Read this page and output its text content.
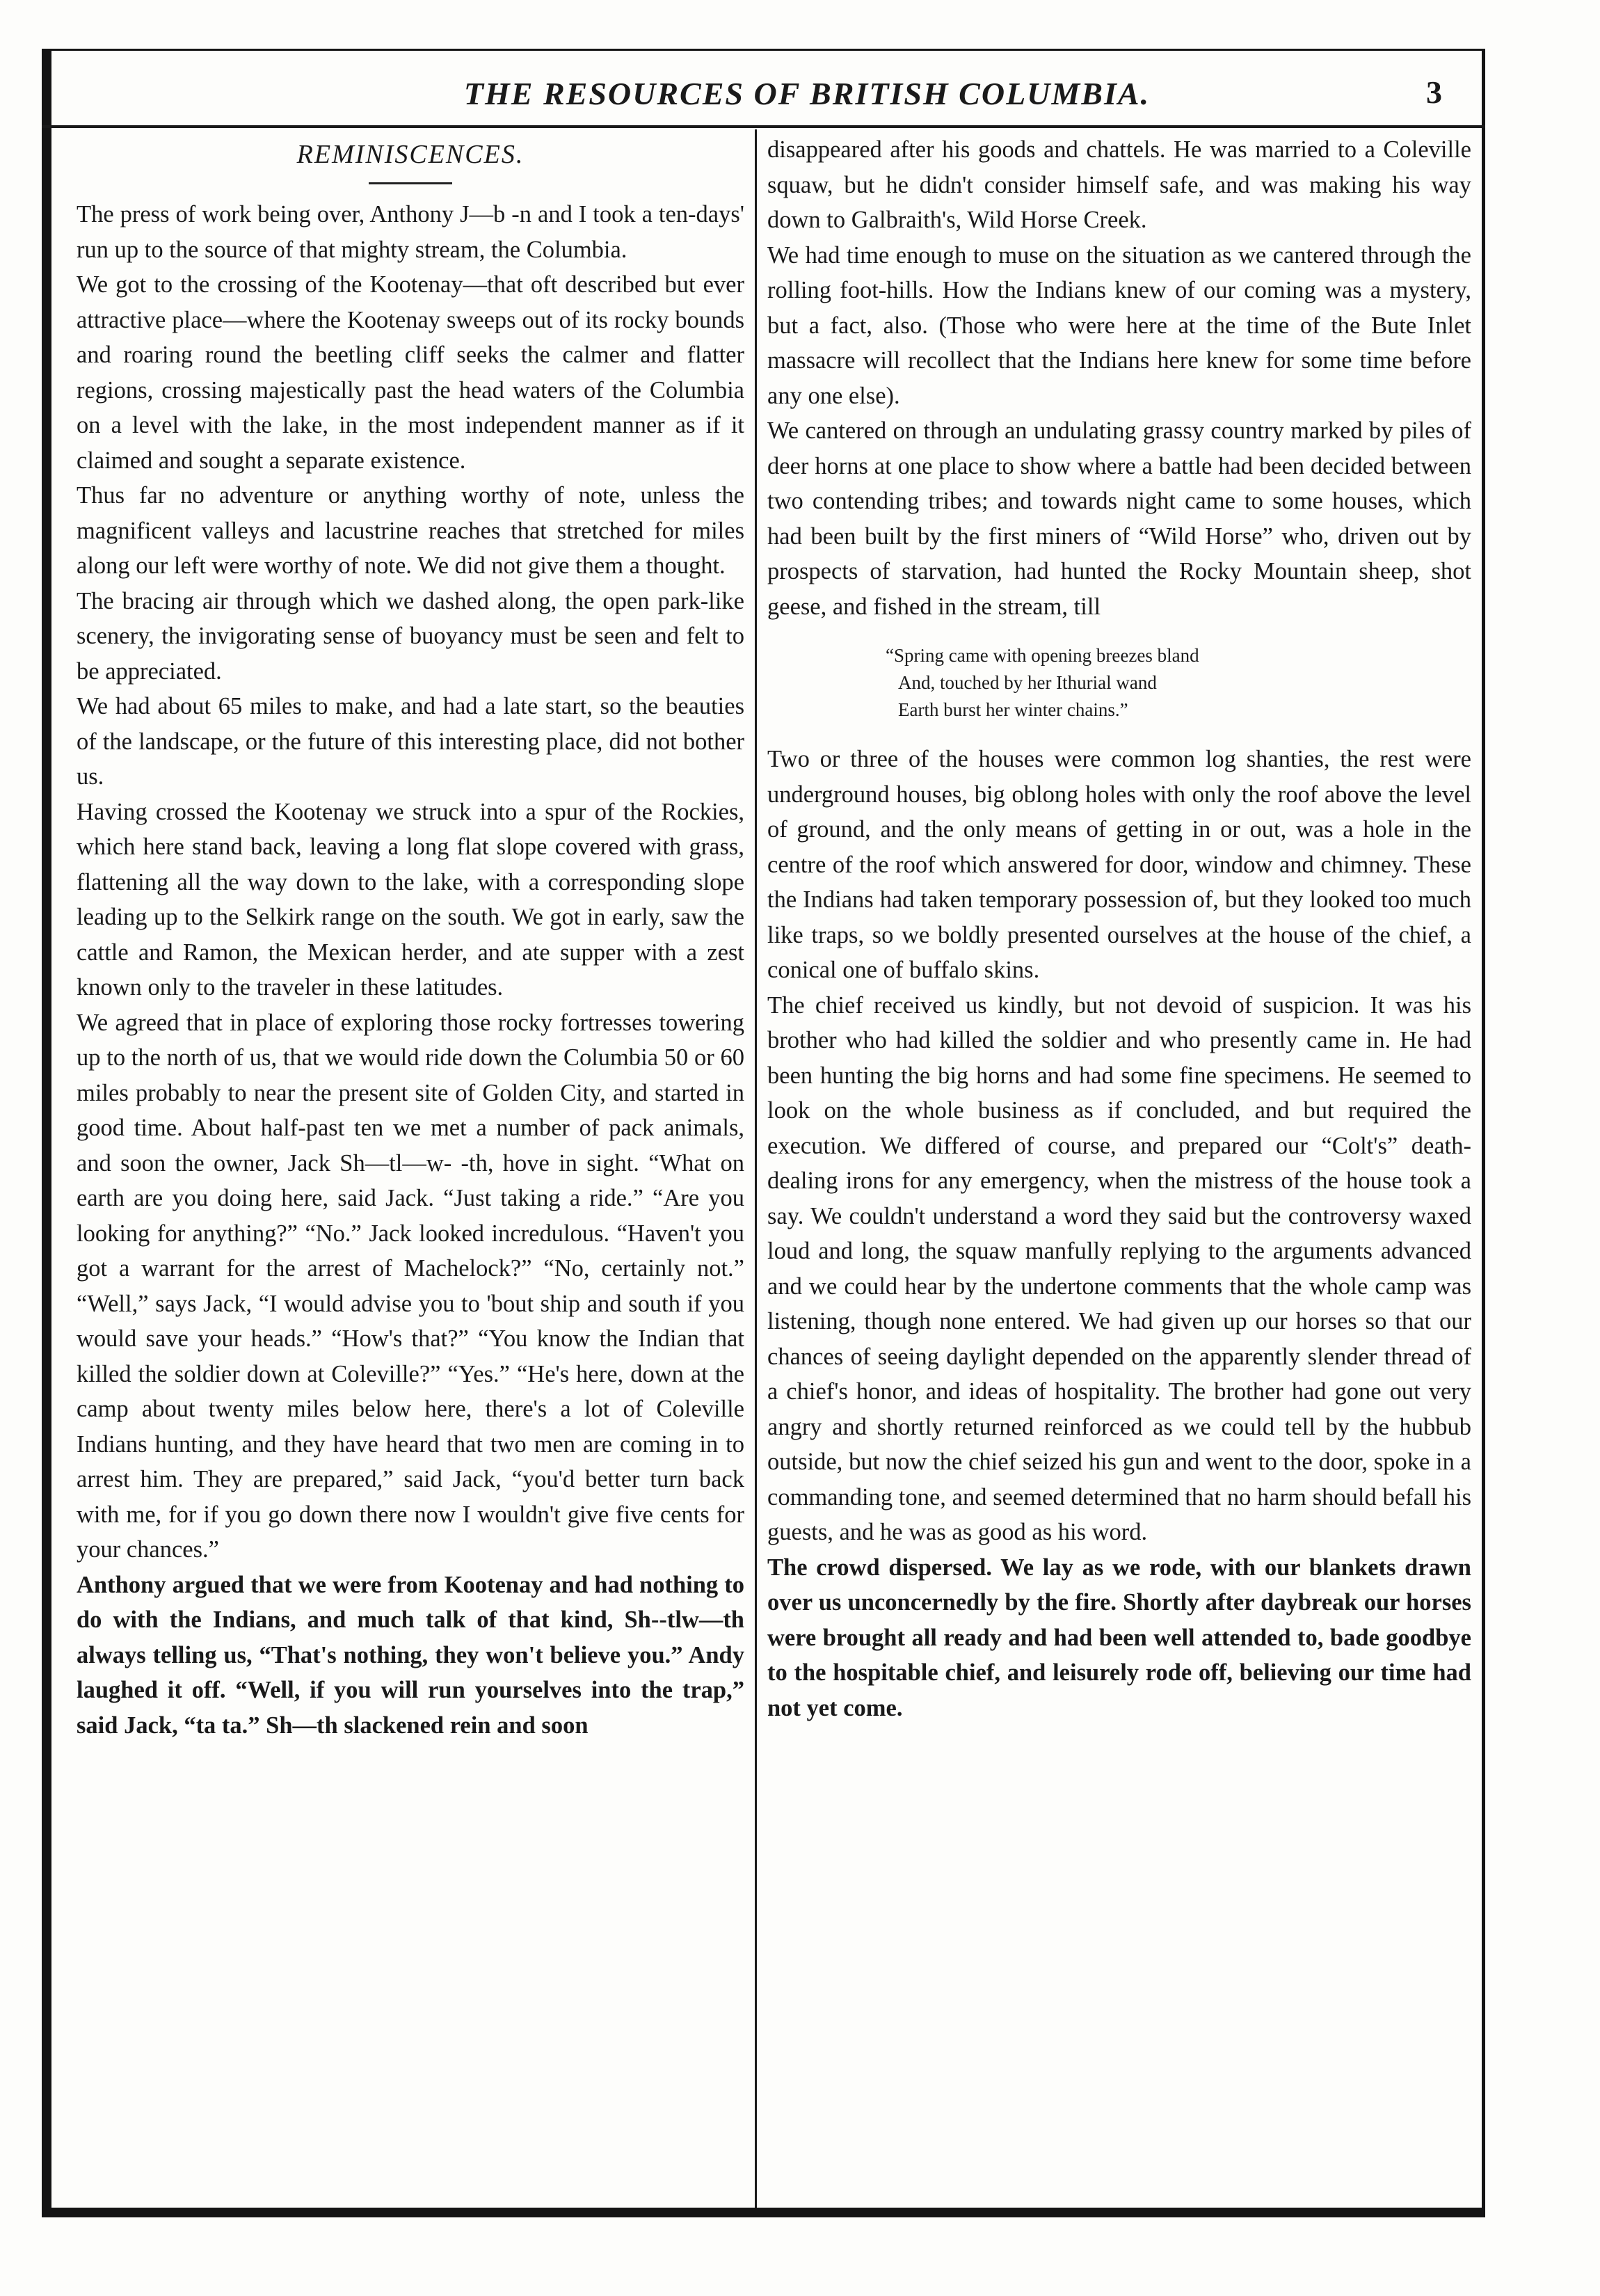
THE RESOURCES OF BRITISH COLUMBIA.	3
REMINISCENCES.

The press of work being over, Anthony J—b -n and I took a ten-days' run up to the source of that mighty stream, the Columbia.

We got to the crossing of the Kootenay—that oft described but ever attractive place—where the Kootenay sweeps out of its rocky bounds and roaring round the beetling cliff seeks the calmer and flatter regions, crossing majestically past the head waters of the Columbia on a level with the lake, in the most independent manner as if it claimed and sought a separate existence.

Thus far no adventure or anything worthy of note, unless the magnificent valleys and lacustrine reaches that stretched for miles along our left were worthy of note. We did not give them a thought.

The bracing air through which we dashed along, the open park-like scenery, the invigorating sense of buoyancy must be seen and felt to be appreciated.

We had about 65 miles to make, and had a late start, so the beauties of the landscape, or the future of this interesting place, did not bother us.

Having crossed the Kootenay we struck into a spur of the Rockies, which here stand back, leaving a long flat slope covered with grass, flattening all the way down to the lake, with a corresponding slope leading up to the Selkirk range on the south. We got in early, saw the cattle and Ramon, the Mexican herder, and ate supper with a zest known only to the traveler in these latitudes.

We agreed that in place of exploring those rocky fortresses towering up to the north of us, that we would ride down the Columbia 50 or 60 miles probably to near the present site of Golden City, and started in good time. About half-past ten we met a number of pack animals, and soon the owner, Jack Sh—tl—w- -th, hove in sight. “What on earth are you doing here, said Jack. “Just taking a ride.” “Are you looking for anything?” “No.” Jack looked incredulous. “Haven't you got a warrant for the arrest of Machelock?” “No, certainly not.” “Well,” says Jack, “I would advise you to 'bout ship and south if you would save your heads.” “How's that?” “You know the Indian that killed the soldier down at Coleville?” “Yes.” “He's here, down at the camp about twenty miles below here, there's a lot of Coleville Indians hunting, and they have heard that two men are coming in to arrest him. They are prepared,” said Jack, “you'd better turn back with me, for if you go down there now I wouldn't give five cents for your chances.”

Anthony argued that we were from Kootenay and had nothing to do with the Indians, and much talk of that kind, Sh--tlw—th always telling us, “That's nothing, they won't believe you.” Andy laughed it off. “Well, if you will run yourselves into the trap,” said Jack, “ta ta.” Sh—th slackened rein and soon

disappeared after his goods and chattels. He was married to a Coleville squaw, but he didn't consider himself safe, and was making his way down to Galbraith's, Wild Horse Creek.

We had time enough to muse on the situation as we cantered through the rolling foot-hills. How the Indians knew of our coming was a mystery, but a fact, also. (Those who were here at the time of the Bute Inlet massacre will recollect that the Indians here knew for some time before any one else).

We cantered on through an undulating grassy country marked by piles of deer horns at one place to show where a battle had been decided between two contending tribes; and towards night came to some houses, which had been built by the first miners of “Wild Horse” who, driven out by prospects of starvation, had hunted the Rocky Mountain sheep, shot geese, and fished in the stream, till

“Spring came with opening breezes bland
And, touched by her Ithurial wand
Earth burst her winter chains.”

Two or three of the houses were common log shanties, the rest were underground houses, big oblong holes with only the roof above the level of ground, and the only means of getting in or out, was a hole in the centre of the roof which answered for door, window and chimney. These the Indians had taken temporary possession of, but they looked too much like traps, so we boldly presented ourselves at the house of the chief, a conical one of buffalo skins.

The chief received us kindly, but not devoid of suspicion. It was his brother who had killed the soldier and who presently came in. He had been hunting the big horns and had some fine specimens. He seemed to look on the whole business as if concluded, and but required the execution. We differed of course, and prepared our “Colt's” death-dealing irons for any emergency, when the mistress of the house took a say. We couldn't understand a word they said but the controversy waxed loud and long, the squaw manfully replying to the arguments advanced and we could hear by the undertone comments that the whole camp was listening, though none entered. We had given up our horses so that our chances of seeing daylight depended on the apparently slender thread of a chief's honor, and ideas of hospitality. The brother had gone out very angry and shortly returned reinforced as we could tell by the hubbub outside, but now the chief seized his gun and went to the door, spoke in a commanding tone, and seemed determined that no harm should befall his guests, and he was as good as his word.

The crowd dispersed. We lay as we rode, with our blankets drawn over us unconcernedly by the fire. Shortly after daybreak our horses were brought all ready and had been well attended to, bade goodbye to the hospitable chief, and leisurely rode off, believing our time had not yet come.
